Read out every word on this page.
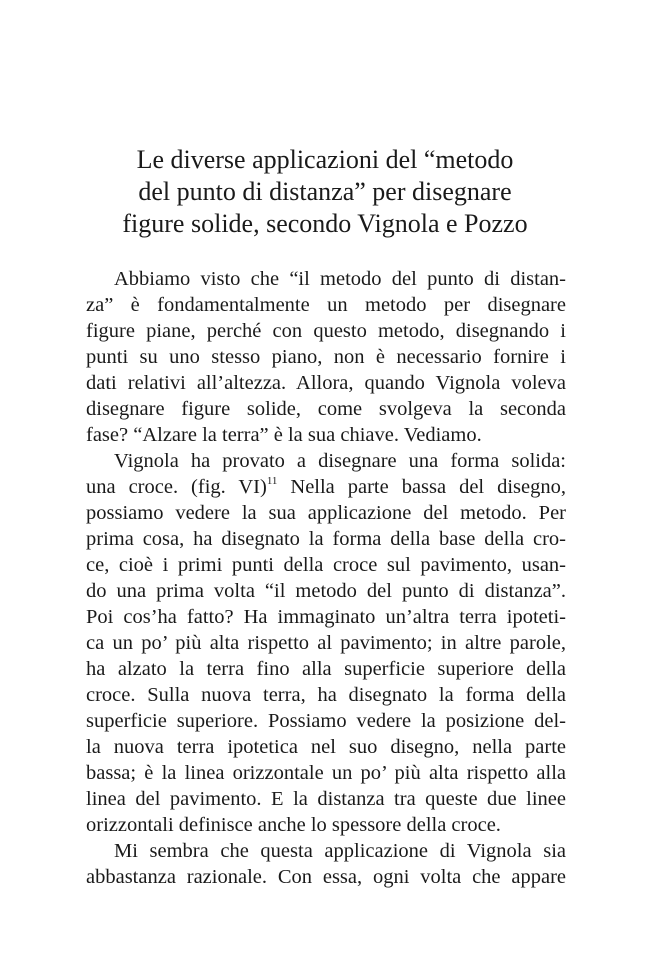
Le diverse applicazioni del “metodo
del punto di distanza” per disegnare
figure solide, secondo Vignola e Pozzo
Abbiamo visto che “il metodo del punto di distan-
za” è fondamentalmente un metodo per disegnare
figure piane, perché con questo metodo, disegnando i
punti su uno stesso piano, non è necessario fornire i
dati relativi all’altezza. Allora, quando Vignola voleva
disegnare figure solide, come svolgeva la seconda
fase? “Alzare la terra” è la sua chiave. Vediamo.
Vignola ha provato a disegnare una forma solida:
una croce. (fig. VI)$^{11}$ Nella parte bassa del disegno,
possiamo vedere la sua applicazione del metodo. Per
prima cosa, ha disegnato la forma della base della cro-
ce, cioè i primi punti della croce sul pavimento, usan-
do una prima volta “il metodo del punto di distanza”.
Poi cos’ha fatto? Ha immaginato un’altra terra ipoteti-
ca un po’ più alta rispetto al pavimento; in altre parole,
ha alzato la terra fino alla superficie superiore della
croce. Sulla nuova terra, ha disegnato la forma della
superficie superiore. Possiamo vedere la posizione del-
la nuova terra ipotetica nel suo disegno, nella parte
bassa; è la linea orizzontale un po’ più alta rispetto alla
linea del pavimento. E la distanza tra queste due linee
orizzontali definisce anche lo spessore della croce.
Mi sembra che questa applicazione di Vignola sia
abbastanza razionale. Con essa, ogni volta che appare
